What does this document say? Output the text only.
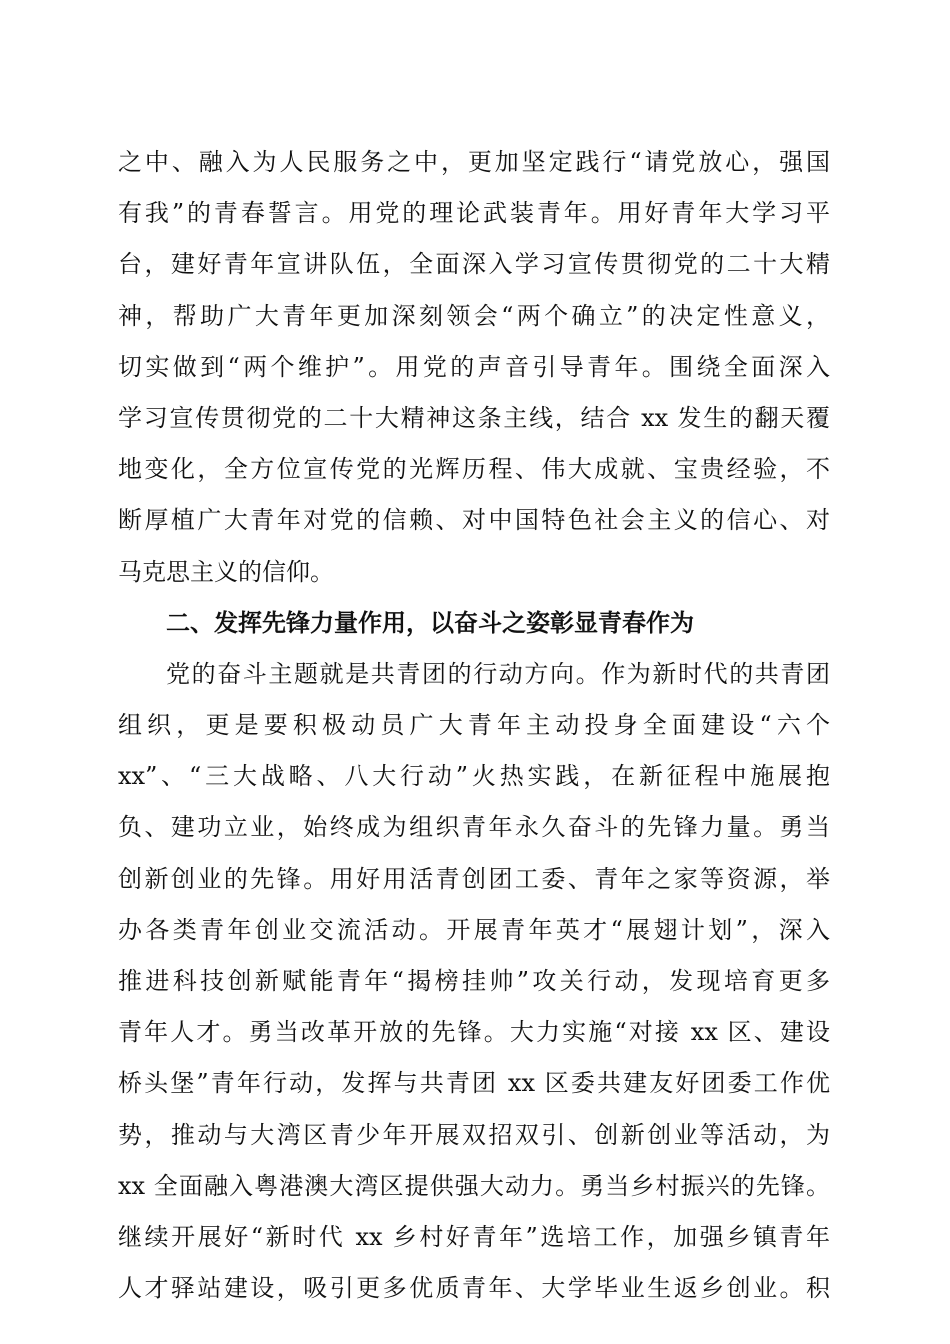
之中、融入为人民服务之中，更加坚定践行“请党放心，强国
有我”的青春誓言。用党的理论武装青年。用好青年大学习平
台，建好青年宣讲队伍，全面深入学习宣传贯彻党的二十大精
神，帮助广大青年更加深刻领会“两个确立”的决定性意义，
切实做到“两个维护”。用党的声音引导青年。围绕全面深入
学习宣传贯彻党的二十大精神这条主线，结合 xx 发生的翻天覆
地变化，全方位宣传党的光辉历程、伟大成就、宝贵经验，不
断厚植广大青年对党的信赖、对中国特色社会主义的信心、对
马克思主义的信仰。
二、发挥先锋力量作用，以奋斗之姿彰显青春作为
党的奋斗主题就是共青团的行动方向。作为新时代的共青团
组织，更是要积极动员广大青年主动投身全面建设“六个
xx”、“三大战略、八大行动”火热实践，在新征程中施展抱
负、建功立业，始终成为组织青年永久奋斗的先锋力量。勇当
创新创业的先锋。用好用活青创团工委、青年之家等资源，举
办各类青年创业交流活动。开展青年英才“展翅计划”，深入
推进科技创新赋能青年“揭榜挂帅”攻关行动，发现培育更多
青年人才。勇当改革开放的先锋。大力实施“对接 xx 区、建设
桥头堡”青年行动，发挥与共青团 xx 区委共建友好团委工作优
势，推动与大湾区青少年开展双招双引、创新创业等活动，为
xx 全面融入粤港澳大湾区提供强大动力。勇当乡村振兴的先锋。
继续开展好“新时代 xx 乡村好青年”选培工作，加强乡镇青年
人才驿站建设，吸引更多优质青年、大学毕业生返乡创业。积
